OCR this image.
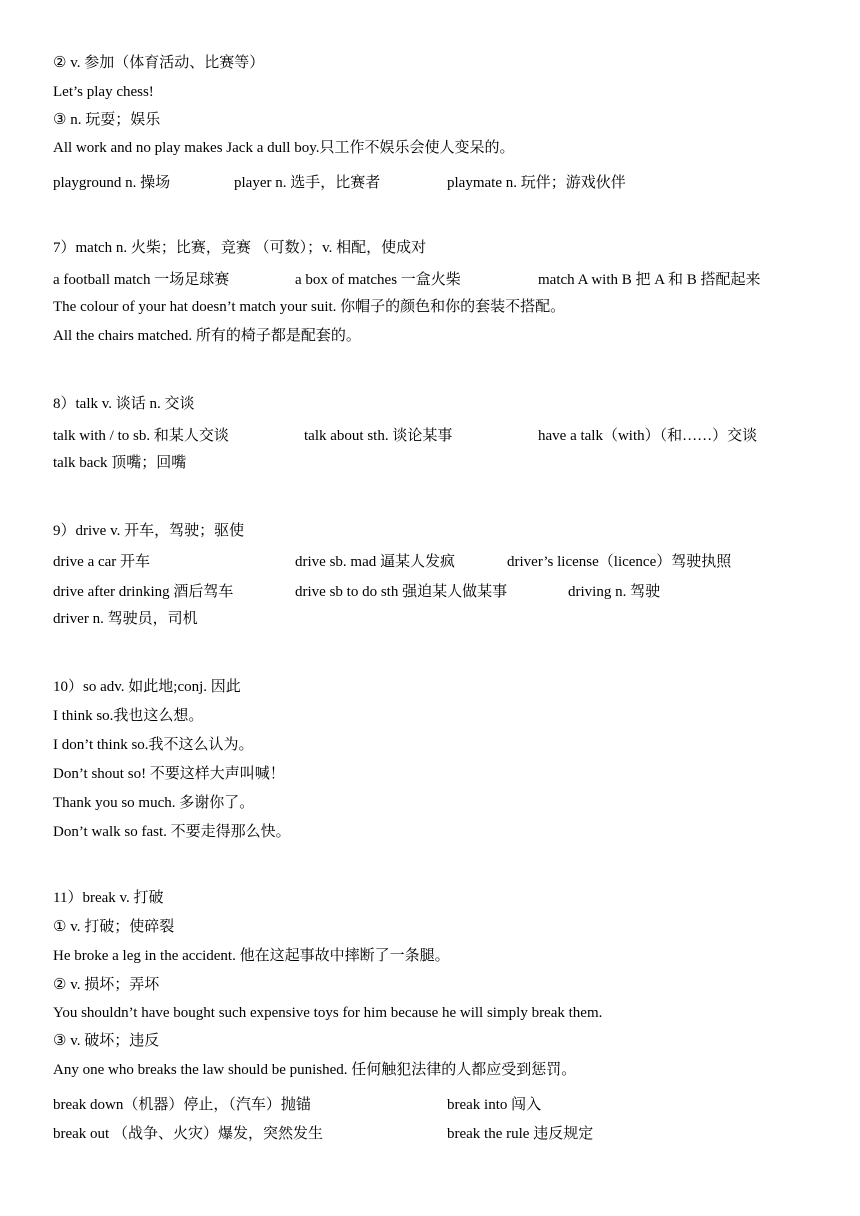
② v. 参加（体育活动、比赛等）
Let’s play chess!
③ n. 玩耍；娱乐
All work and no play makes Jack a dull boy.只工作不娱乐会使人变呆的。
playground n. 操场	player n. 选手，比赛者	playmate n. 玩伴；游戏伙伴
7）match n. 火柴；比赛，竞赛 （可数）；v. 相配，使成对
a football match 一场足球赛	a box of matches 一盒火柴	match A with B 把 A 和 B 搭配起来
The colour of your hat doesn’t match your suit. 你帽子的颜色和你的套装不搭配。
All the chairs matched. 所有的椅子都是配套的。
8）talk v. 谈话 n. 交谈
talk with / to sb. 和某人交谈	talk about sth. 谈论某事	have a talk（with）（和……）交谈
talk back 顶嘴；回嘴
9）drive v. 开车，驾驶；驱使
drive a car 开车	drive sb. mad 逼某人发疯	driver’s license（licence）驾驶执照
drive after drinking 酒后驾车	drive sb to do sth 强迫某人做某事	driving n. 驾驶
driver n. 驾驶员，司机
10）so adv. 如此地;conj. 因此
I think so.我也这么想。
I don’t think so.我不这么认为。
Don’t shout so! 不要这样大声叫喊！
Thank you so much. 多谢你了。
Don’t walk so fast. 不要走得那么快。
11）break v. 打破
① v. 打破；使碎裂
He broke a leg in the accident. 他在这起事故中摔断了一条腿。
② v. 损坏；弄坏
You shouldn’t have bought such expensive toys for him because he will simply break them.
③ v. 破坏；违反
Any one who breaks the law should be punished. 任何触犯法律的人都应受到惩罚。
break down（机器）停止，（汽车）抛锚	break into 闯入
break out （战争、火灾）爆发，突然发生	break the rule 违反规定
